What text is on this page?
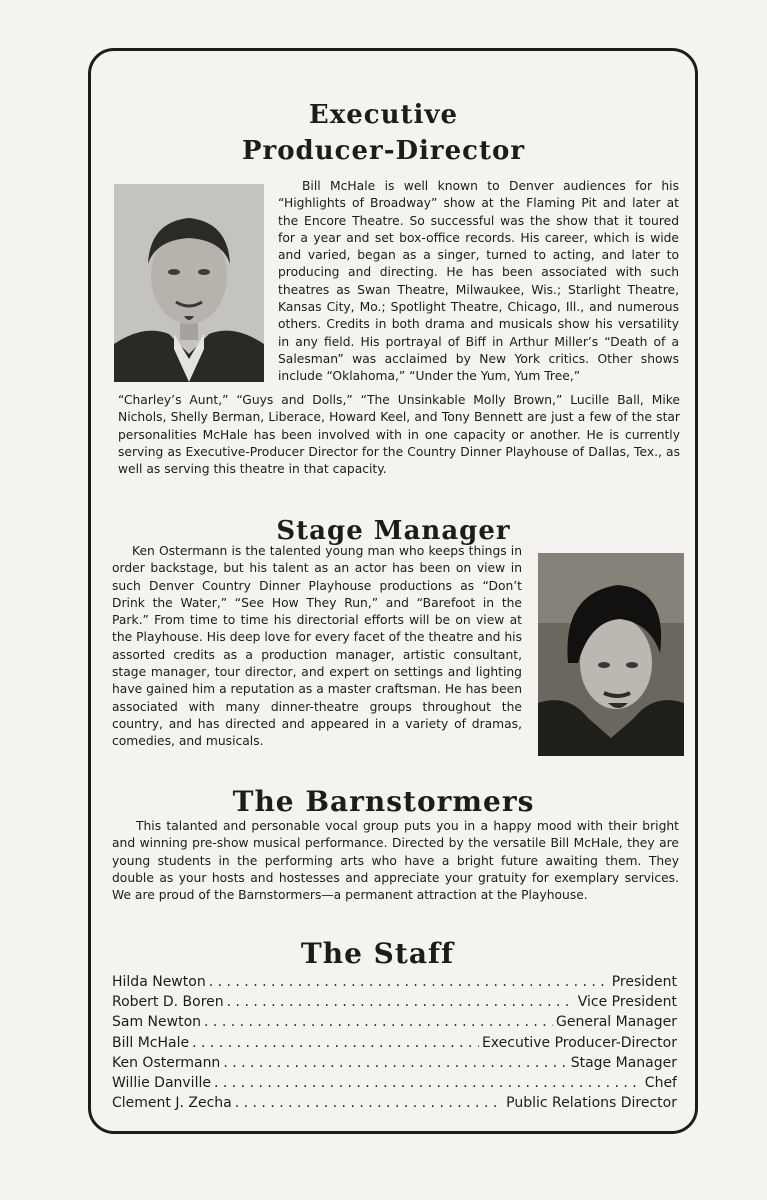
Executive
Producer-Director

Bill McHale is well known to Denver audiences for his “Highlights of Broadway” show at the Flaming Pit and later at the Encore Theatre. So successful was the show that it toured for a year and set box-office records. His career, which is wide and varied, began as a singer, turned to acting, and later to producing and directing. He has been associated with such theatres as Swan Theatre, Milwaukee, Wis.; Starlight Theatre, Kansas City, Mo.; Spotlight Theatre, Chicago, Ill., and numerous others. Credits in both drama and musicals show his versatility in any field. His portrayal of Biff in Arthur Miller’s “Death of a Salesman” was acclaimed by New York critics. Other shows include “Oklahoma,” “Under the Yum, Yum Tree,”

“Charley’s Aunt,” “Guys and Dolls,” “The Unsinkable Molly Brown,” Lucille Ball, Mike Nichols, Shelly Berman, Liberace, Howard Keel, and Tony Bennett are just a few of the star personalities McHale has been involved with in one capacity or another. He is currently serving as Executive-Producer Director for the Country Dinner Playhouse of Dallas, Tex., as well as serving this theatre in that capacity.

Stage Manager

Ken Ostermann is the talented young man who keeps things in order backstage, but his talent as an actor has been on view in such Denver Country Dinner Playhouse productions as “Don’t Drink the Water,” “See How They Run,” and “Barefoot in the Park.” From time to time his directorial efforts will be on view at the Playhouse. His deep love for every facet of the theatre and his assorted credits as a production manager, artistic consultant, stage manager, tour director, and expert on settings and lighting have gained him a reputation as a master craftsman. He has been associated with many dinner-theatre groups throughout the country, and has directed and appeared in a variety of dramas, comedies, and musicals.

The Barnstormers

This talanted and personable vocal group puts you in a happy mood with their bright and winning pre-show musical performance. Directed by the versatile Bill McHale, they are young students in the performing arts who have a bright future awaiting them. They double as your hosts and hostesses and appreciate your gratuity for exemplary services. We are proud of the Barnstormers—a permanent attraction at the Playhouse.

The Staff
Hilda Newton . . .	President
Robert D. Boren . . .	Vice President
Sam Newton . . .	General Manager
Bill McHale . . .	Executive Producer-Director
Ken Ostermann . . .	Stage Manager
Willie Danville . . .	Chef
Clement J. Zecha . . .	Public Relations Director
